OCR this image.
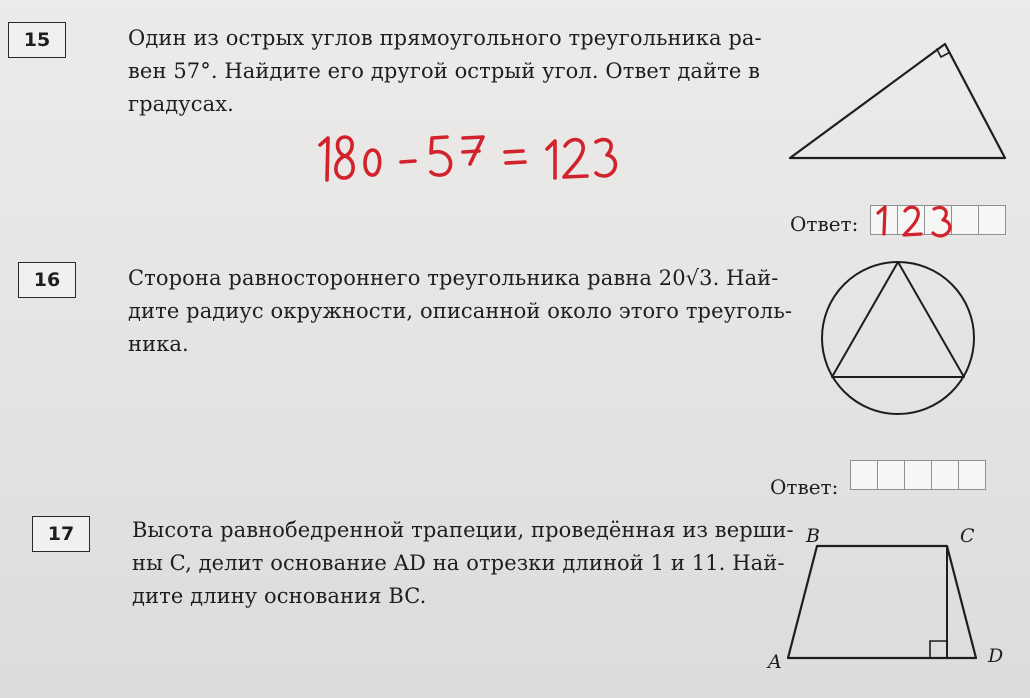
15	Один из острых углов прямоугольного треугольника ра-
вен 57°. Найдите его другой острый угол. Ответ дайте в
градусах.

Ответ:
16	Сторона равностороннего треугольника равна 20√3. Най-
дите радиус окружности, описанной около этого треуголь-
ника.

Ответ:
17	Высота равнобедренной трапеции, проведённая из верши-
ны C, делит основание AD на отрезки длиной 1 и 11. Най-
дите длину основания BC.

B	C
A	D
